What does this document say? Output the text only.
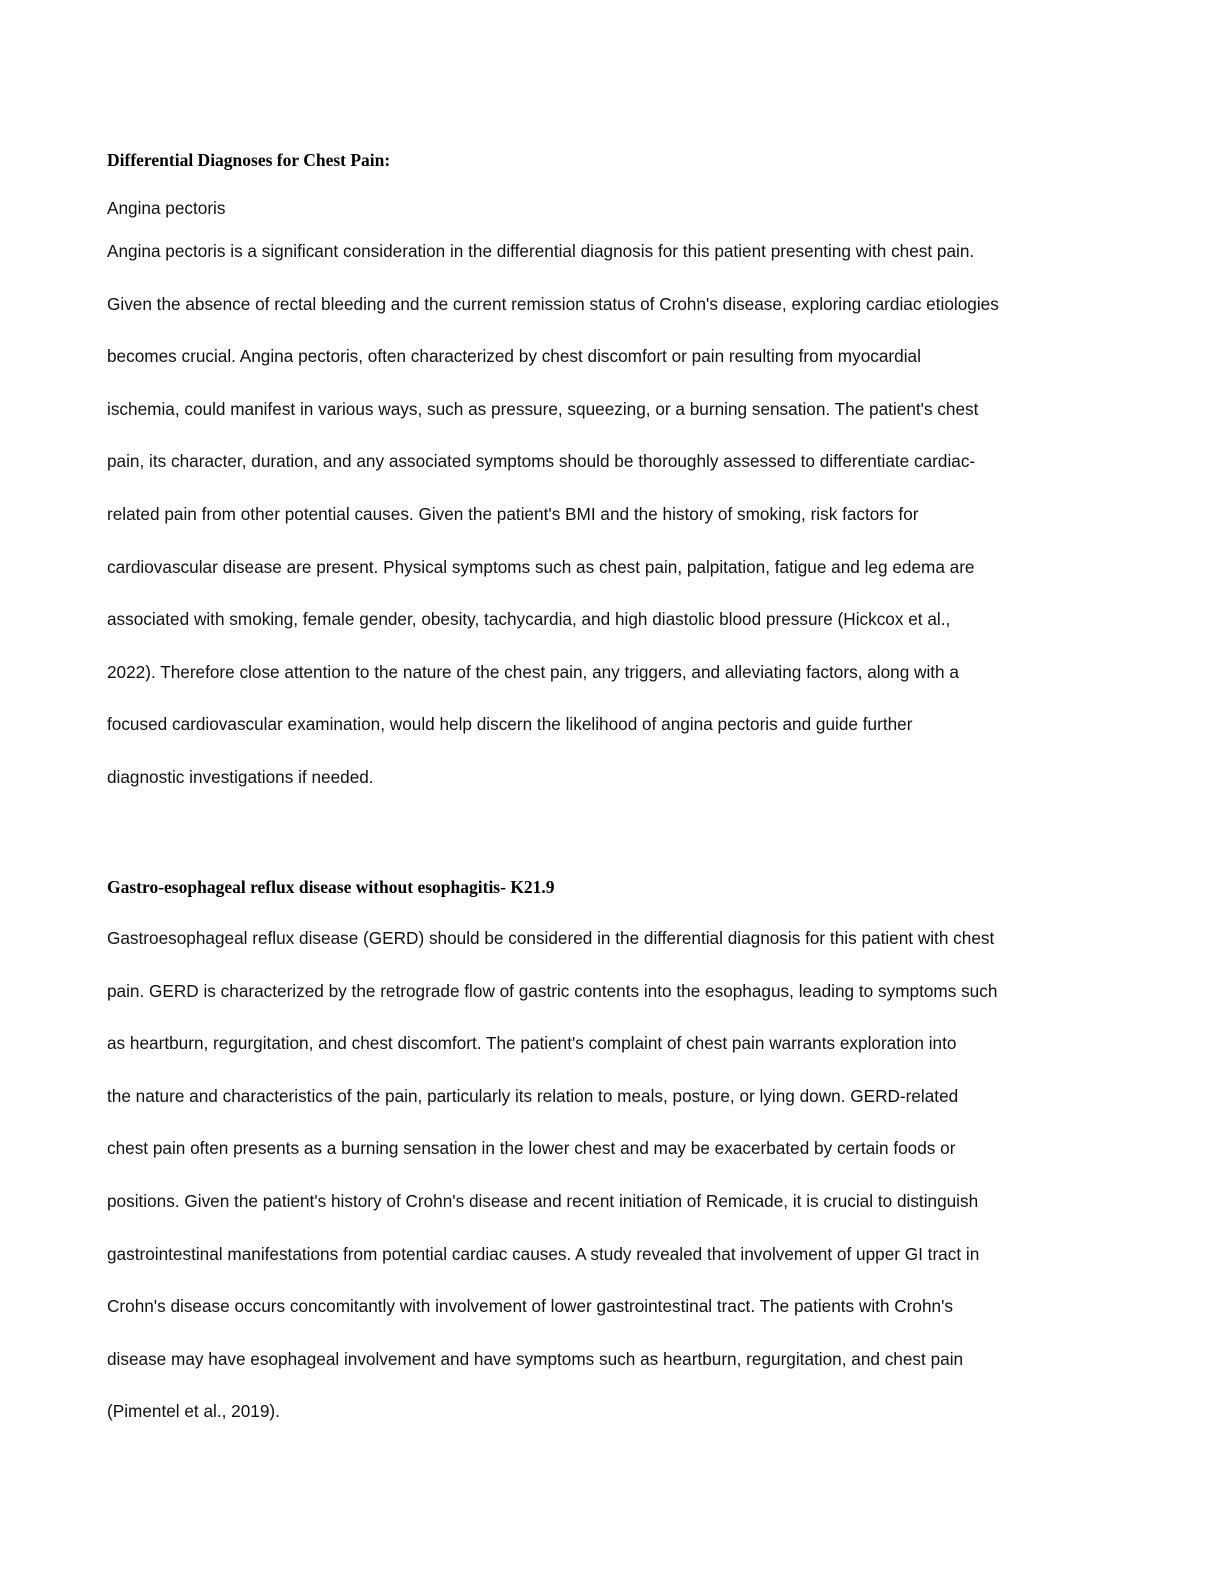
Differential Diagnoses for Chest Pain:

Angina pectoris

Angina pectoris is a significant consideration in the differential diagnosis for this patient presenting with chest pain.
Given the absence of rectal bleeding and the current remission status of Crohn's disease, exploring cardiac etiologies
becomes crucial. Angina pectoris, often characterized by chest discomfort or pain resulting from myocardial
ischemia, could manifest in various ways, such as pressure, squeezing, or a burning sensation. The patient's chest
pain, its character, duration, and any associated symptoms should be thoroughly assessed to differentiate cardiac-
related pain from other potential causes. Given the patient's BMI and the history of smoking, risk factors for
cardiovascular disease are present. Physical symptoms such as chest pain, palpitation, fatigue and leg edema are
associated with smoking, female gender, obesity, tachycardia, and high diastolic blood pressure (Hickcox et al.,
2022). Therefore close attention to the nature of the chest pain, any triggers, and alleviating factors, along with a
focused cardiovascular examination, would help discern the likelihood of angina pectoris and guide further
diagnostic investigations if needed.
Gastro-esophageal reflux disease without esophagitis- K21.9
Gastroesophageal reflux disease (GERD) should be considered in the differential diagnosis for this patient with chest
pain. GERD is characterized by the retrograde flow of gastric contents into the esophagus, leading to symptoms such
as heartburn, regurgitation, and chest discomfort. The patient's complaint of chest pain warrants exploration into
the nature and characteristics of the pain, particularly its relation to meals, posture, or lying down. GERD-related
chest pain often presents as a burning sensation in the lower chest and may be exacerbated by certain foods or
positions. Given the patient's history of Crohn's disease and recent initiation of Remicade, it is crucial to distinguish
gastrointestinal manifestations from potential cardiac causes. A study revealed that involvement of upper GI tract in
Crohn's disease occurs concomitantly with involvement of lower gastrointestinal tract. The patients with Crohn's
disease may have esophageal involvement and have symptoms such as heartburn, regurgitation, and chest pain
(Pimentel et al., 2019).
